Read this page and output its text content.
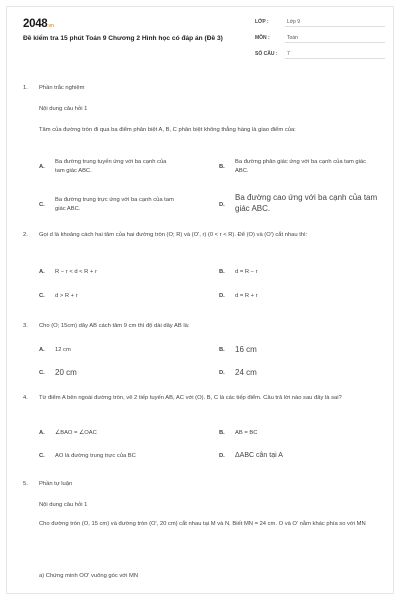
2048.vn
Đề kiểm tra 15 phút Toán 9 Chương 2 Hình học có đáp án (Đề 3)
LỚP :	Lớp 9
MÔN :	Toán
SỐ CÂU : 7
1. Phần trắc nghiệm
Nội dung câu hỏi 1
Tâm của đường tròn đi qua ba điểm phân biệt A, B, C phân biệt không thẳng hàng là giao điểm của:
A.
Ba đường trung tuyến ứng với ba cạnh của tam giác ABC.
B.
Ba đường phân giác ứng với ba cạnh của tam giác ABC.
C.
Ba đường trung trực ứng với ba cạnh của tam giác ABC.
D.
Ba đường cao ứng với ba cạnh của tam giác ABC.
2. Gọi d là khoảng cách hai tâm của hai đường tròn (O; R) và (O', r) (0 < r < R). Để (O) và (O') cắt nhau thì:
A. R − r < d < R + r	B. d = R − r
C. d > R + r	D. d = R + r
3. Cho (O; 15cm) dây AB cách tâm 9 cm thì độ dài dây AB là:
A. 12 cm	B. 16 cm
C. 20 cm	D. 24 cm
4. Từ điểm A bên ngoài đường tròn, vẽ 2 tiếp tuyến AB, AC với (O). B, C là các tiếp điểm. Câu trả lời nào sau đây là sai?
A. ∠BAO = ∠OAC	B. AB = BC
C. AO là đường trung trực của BC	D. ΔABC cân tại A
5. Phần tự luận
Nội dung câu hỏi 1
Cho đường tròn (O, 15 cm) và đường tròn (O', 20 cm) cắt nhau tại M và N. Biết MN = 24 cm. O và O' nằm khác phía so với MN
a) Chứng minh OO' vuông góc với MN
